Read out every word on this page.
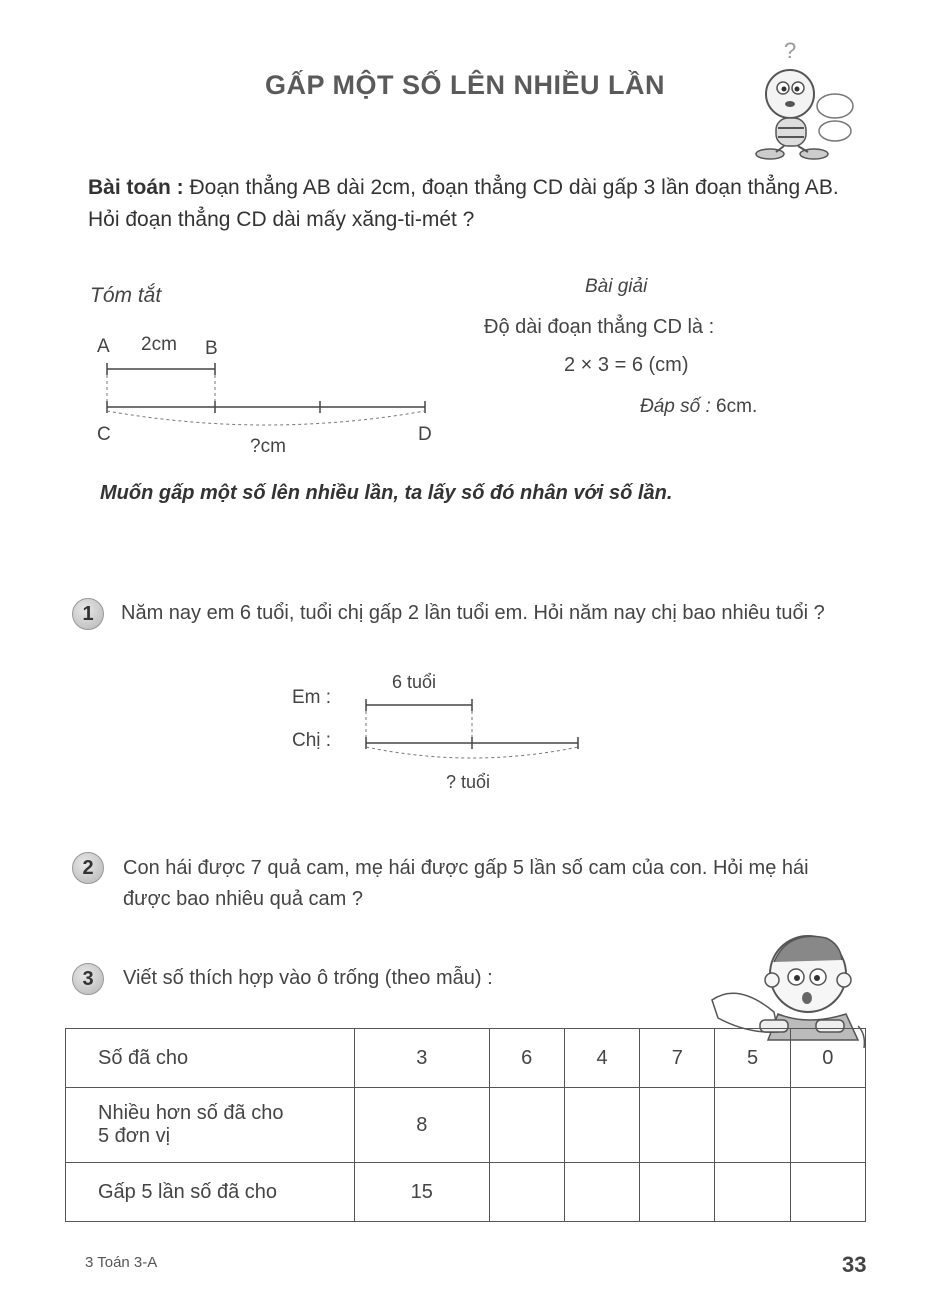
GẤP MỘT SỐ LÊN NHIỀU LẦN
?
Bài toán : Đoạn thẳng AB dài 2cm, đoạn thẳng CD dài gấp 3 lần đoạn thẳng AB. Hỏi đoạn thẳng CD dài mấy xăng-ti-mét ?
Tóm tắt
A 2cm B
C	D
?cm
Bài giải
Độ dài đoạn thẳng CD là :
2 × 3 = 6 (cm)
Đáp số : 6cm.
Muốn gấp một số lên nhiều lần, ta lấy số đó nhân với số lần.
1	Năm nay em 6 tuổi, tuổi chị gấp 2 lần tuổi em. Hỏi năm nay chị bao nhiêu tuổi ?
Em :
Chị :
6 tuổi
? tuổi
2	Con hái được 7 quả cam, mẹ hái được gấp 5 lần số cam của con. Hỏi mẹ hái
được bao nhiêu quả cam ?
3	Viết số thích hợp vào ô trống (theo mẫu) :
Số đã cho	3	6	4	7	5	0

Nhiều hơn số đã cho
5 đơn vị	8					
Gấp 5 lần số đã cho	15					
3 Toán 3-A	33
